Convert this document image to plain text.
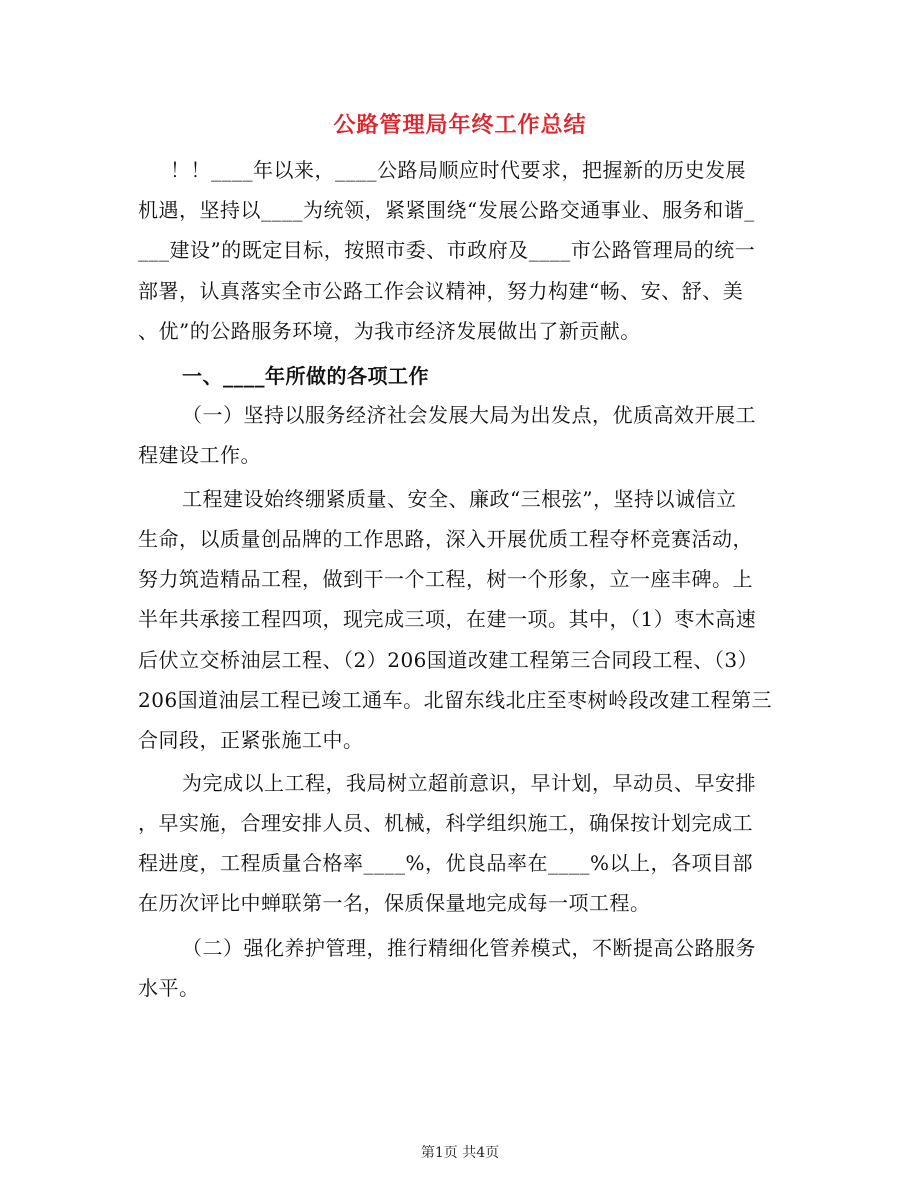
公路管理局年终工作总结
！！____年以来，____公路局顺应时代要求，把握新的历史发展
机遇，坚持以____为统领，紧紧围绕“发展公路交通事业、服务和谐_
___建设”的既定目标，按照市委、市政府及____市公路管理局的统一
部署，认真落实全市公路工作会议精神，努力构建“畅、安、舒、美
、优”的公路服务环境，为我市经济发展做出了新贡献。
一、____年所做的各项工作
（一）坚持以服务经济社会发展大局为出发点，优质高效开展工
程建设工作。
工程建设始终绷紧质量、安全、廉政“三根弦”，坚持以诚信立
生命，以质量创品牌的工作思路，深入开展优质工程夺杯竞赛活动，
努力筑造精品工程，做到干一个工程，树一个形象，立一座丰碑。上
半年共承接工程四项，现完成三项，在建一项。其中，（1）枣木高速
后伏立交桥油层工程、（2）206国道改建工程第三合同段工程、（3）
206国道油层工程已竣工通车。北留东线北庄至枣树岭段改建工程第三
合同段，正紧张施工中。
为完成以上工程，我局树立超前意识，早计划，早动员、早安排
，早实施，合理安排人员、机械，科学组织施工，确保按计划完成工
程进度，工程质量合格率____%，优良品率在____%以上，各项目部
在历次评比中蝉联第一名，保质保量地完成每一项工程。
（二）强化养护管理，推行精细化管养模式，不断提高公路服务
水平。
第1页 共4页
